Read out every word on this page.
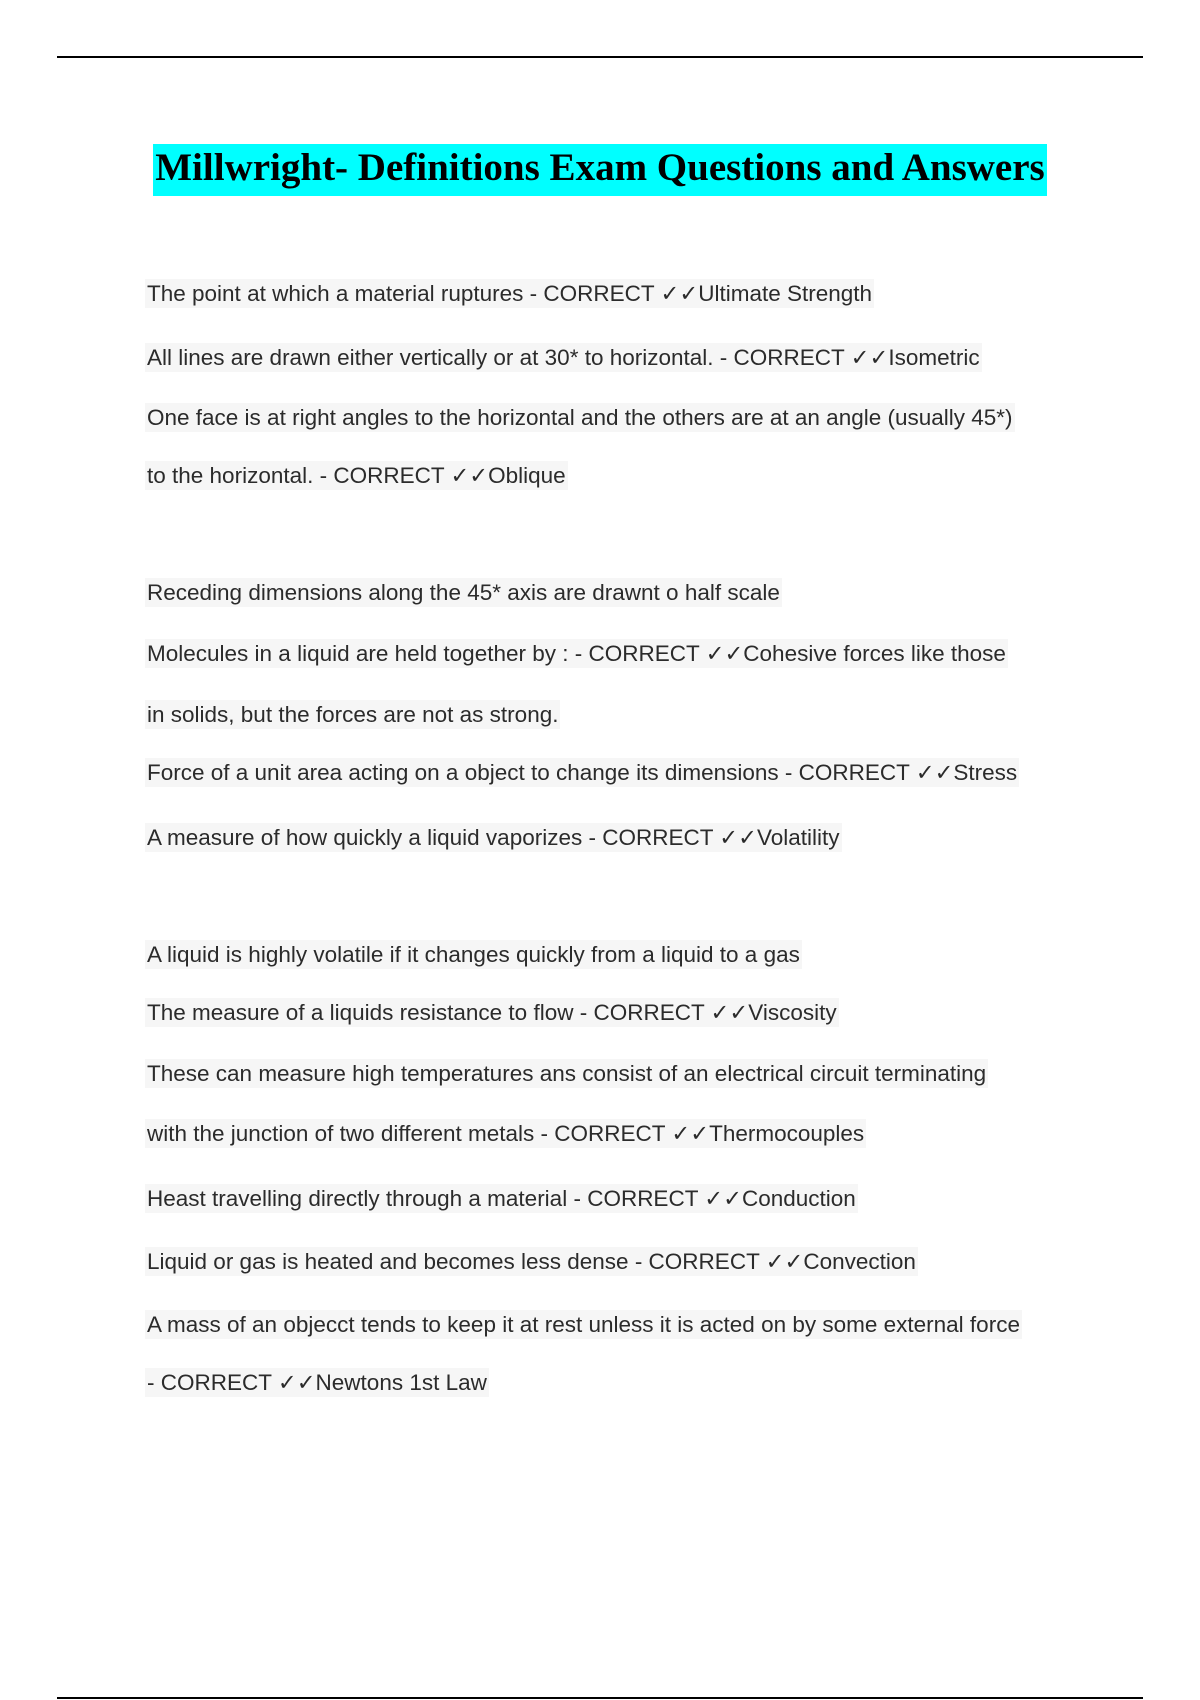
Millwright- Definitions Exam Questions and Answers
The point at which a material ruptures - CORRECT ✓✓Ultimate Strength
All lines are drawn either vertically or at 30* to horizontal. - CORRECT ✓✓Isometric
One face is at right angles to the horizontal and the others are at an angle (usually 45*)
to the horizontal. - CORRECT ✓✓Oblique
Receding dimensions along the 45* axis are drawnt o half scale
Molecules in a liquid are held together by : - CORRECT ✓✓Cohesive forces like those
in solids, but the forces are not as strong.
Force of a unit area acting on a object to change its dimensions - CORRECT ✓✓Stress
A measure of how quickly a liquid vaporizes - CORRECT ✓✓Volatility
A liquid is highly volatile if it changes quickly from a liquid to a gas
The measure of a liquids resistance to flow - CORRECT ✓✓Viscosity
These can measure high temperatures ans consist of an electrical circuit terminating
with the junction of two different metals - CORRECT ✓✓Thermocouples
Heast travelling directly through a material - CORRECT ✓✓Conduction
Liquid or gas is heated and becomes less dense - CORRECT ✓✓Convection
A mass of an objecct tends to keep it at rest unless it is acted on by some external force
- CORRECT ✓✓Newtons 1st Law
